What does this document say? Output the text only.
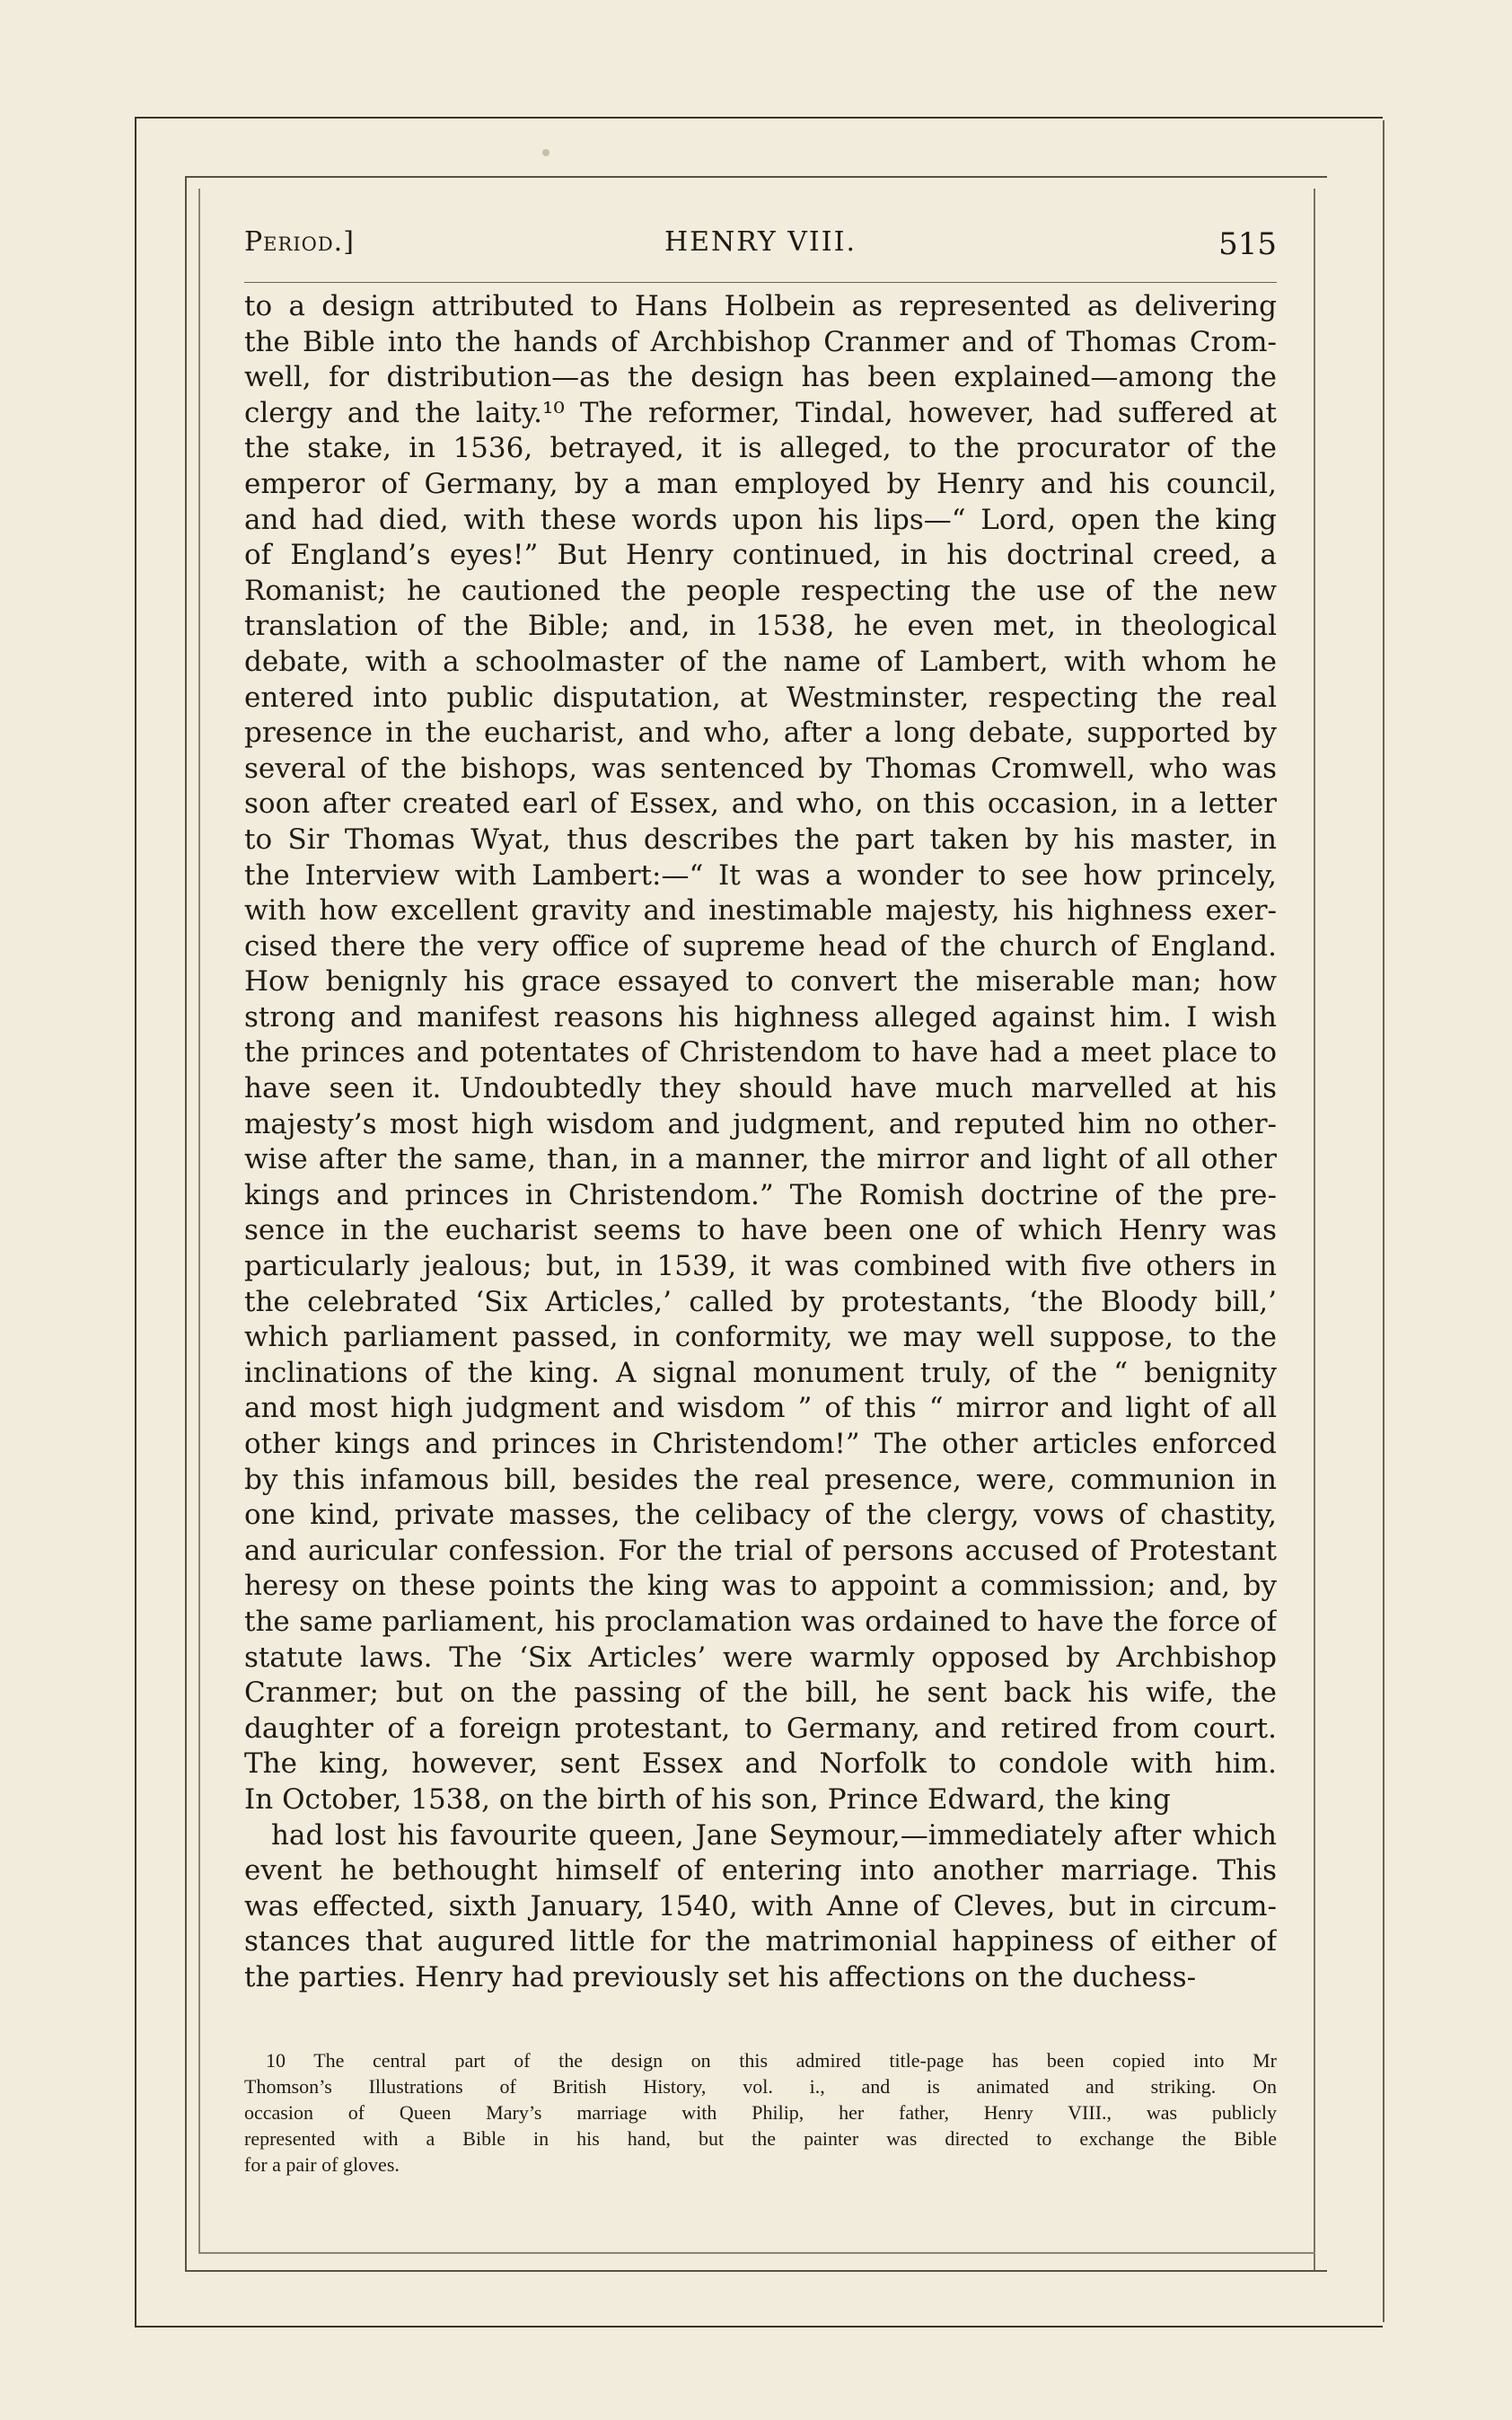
Period.]	HENRY VIII.	515
to a design attributed to Hans Holbein as represented as delivering
the Bible into the hands of Archbishop Cranmer and of Thomas Crom-
well, for distribution—as the design has been explained—among the
clergy and the laity.¹⁰ The reformer, Tindal, however, had suffered at
the stake, in 1536, betrayed, it is alleged, to the procurator of the
emperor of Germany, by a man employed by Henry and his council,
and had died, with these words upon his lips—“ Lord, open the king
of England’s eyes!” But Henry continued, in his doctrinal creed, a
Romanist; he cautioned the people respecting the use of the new
translation of the Bible; and, in 1538, he even met, in theological
debate, with a schoolmaster of the name of Lambert, with whom he
entered into public disputation, at Westminster, respecting the real
presence in the eucharist, and who, after a long debate, supported by
several of the bishops, was sentenced by Thomas Cromwell, who was
soon after created earl of Essex, and who, on this occasion, in a letter
to Sir Thomas Wyat, thus describes the part taken by his master, in
the Interview with Lambert:—“ It was a wonder to see how princely,
with how excellent gravity and inestimable majesty, his highness exer-
cised there the very office of supreme head of the church of England.
How benignly his grace essayed to convert the miserable man; how
strong and manifest reasons his highness alleged against him. I wish
the princes and potentates of Christendom to have had a meet place to
have seen it. Undoubtedly they should have much marvelled at his
majesty’s most high wisdom and judgment, and reputed him no other-
wise after the same, than, in a manner, the mirror and light of all other
kings and princes in Christendom.” The Romish doctrine of the pre-
sence in the eucharist seems to have been one of which Henry was
particularly jealous; but, in 1539, it was combined with five others in
the celebrated ‘Six Articles,’ called by protestants, ‘the Bloody bill,’
which parliament passed, in conformity, we may well suppose, to the
inclinations of the king. A signal monument truly, of the “ benignity
and most high judgment and wisdom ” of this “ mirror and light of all
other kings and princes in Christendom!” The other articles enforced
by this infamous bill, besides the real presence, were, communion in
one kind, private masses, the celibacy of the clergy, vows of chastity,
and auricular confession. For the trial of persons accused of Protestant
heresy on these points the king was to appoint a commission; and, by
the same parliament, his proclamation was ordained to have the force of
statute laws. The ‘Six Articles’ were warmly opposed by Archbishop
Cranmer; but on the passing of the bill, he sent back his wife, the
daughter of a foreign protestant, to Germany, and retired from court.
The king, however, sent Essex and Norfolk to condole with him.
In October, 1538, on the birth of his son, Prince Edward, the king
had lost his favourite queen, Jane Seymour,—immediately after which
event he bethought himself of entering into another marriage. This
was effected, sixth January, 1540, with Anne of Cleves, but in circum-
stances that augured little for the matrimonial happiness of either of
the parties. Henry had previously set his affections on the duchess-
10 The central part of the design on this admired title-page has been copied into Mr
Thomson’s Illustrations of British History, vol. i., and is animated and striking. On
occasion of Queen Mary’s marriage with Philip, her father, Henry VIII., was publicly
represented with a Bible in his hand, but the painter was directed to exchange the Bible
for a pair of gloves.
